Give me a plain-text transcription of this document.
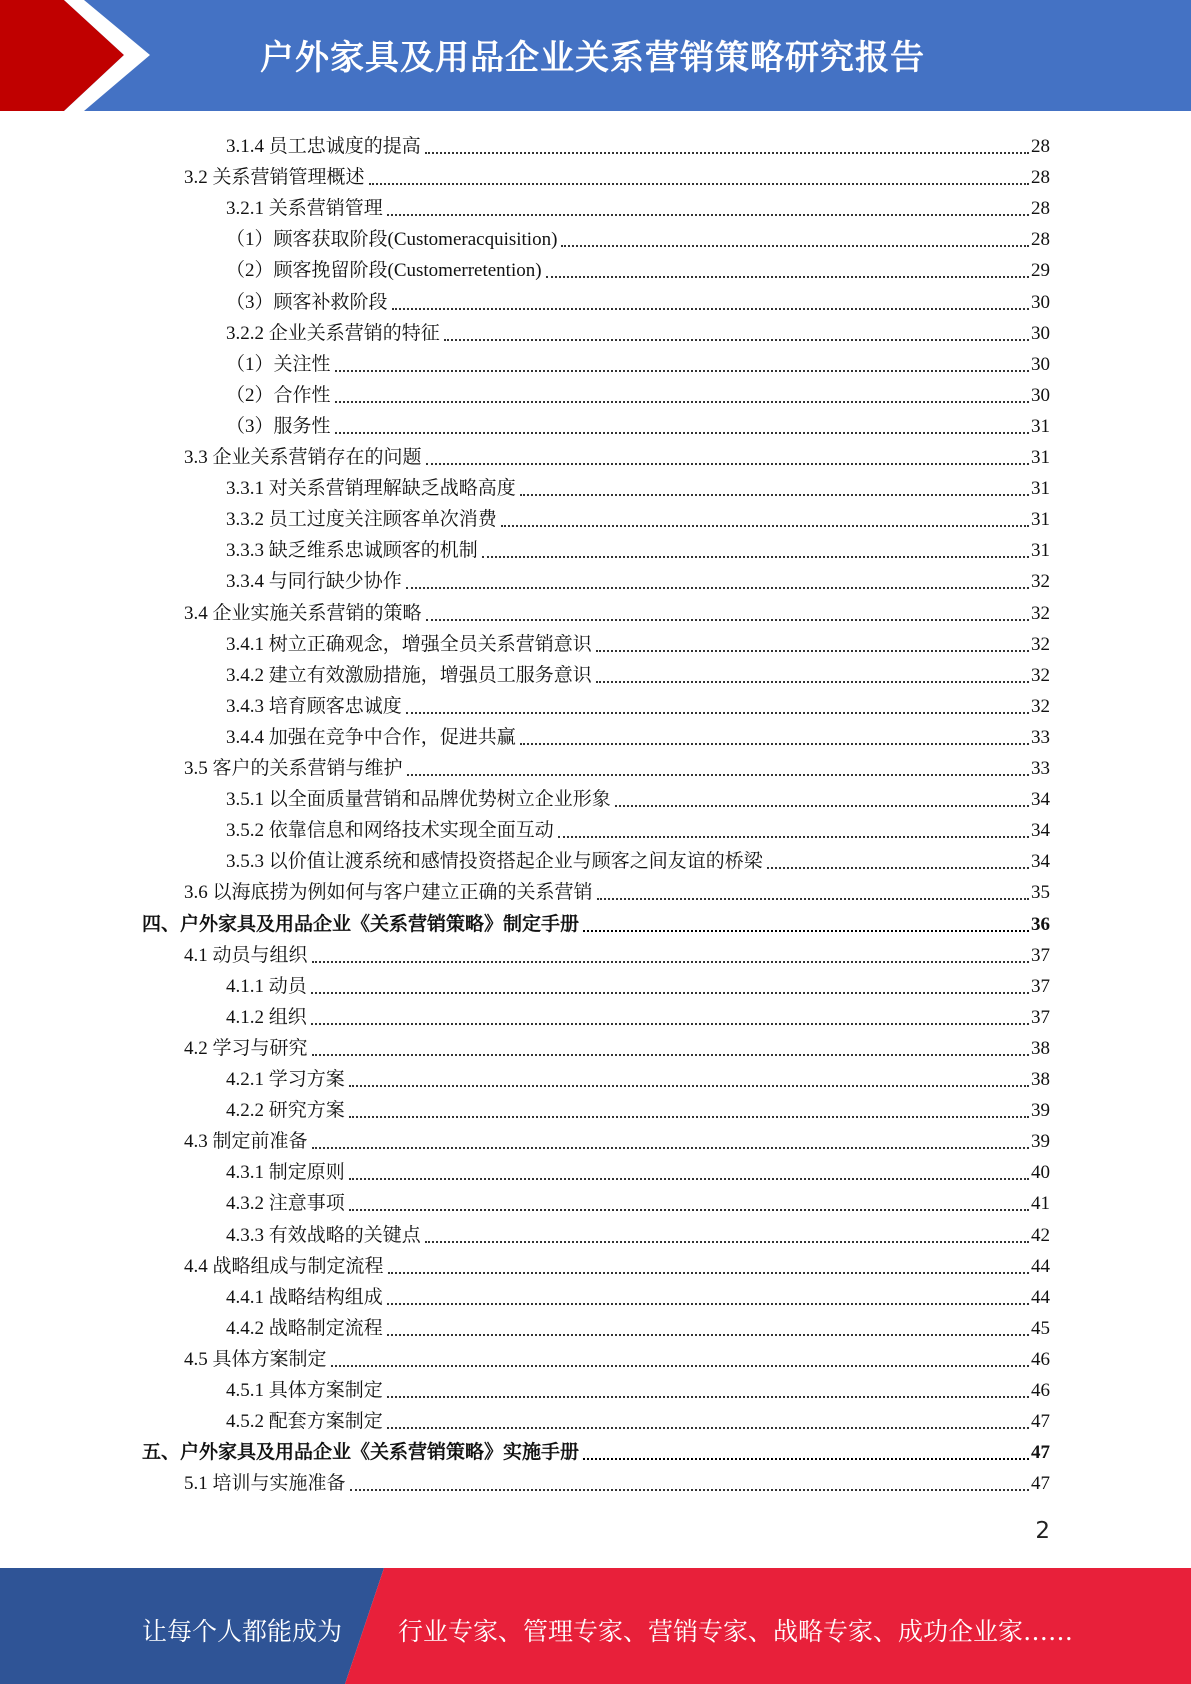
户外家具及用品企业关系营销策略研究报告
3.1.4 员工忠诚度的提高	28
3.2 关系营销管理概述	28
3.2.1 关系营销管理	28
（1）顾客获取阶段(Customeracquisition)	28
（2）顾客挽留阶段(Customerretention)	29
（3）顾客补救阶段	30
3.2.2 企业关系营销的特征	30
（1）关注性	30
（2）合作性	30
（3）服务性	31
3.3 企业关系营销存在的问题	31
3.3.1 对关系营销理解缺乏战略高度	31
3.3.2 员工过度关注顾客单次消费	31
3.3.3 缺乏维系忠诚顾客的机制	31
3.3.4 与同行缺少协作	32
3.4 企业实施关系营销的策略	32
3.4.1 树立正确观念，增强全员关系营销意识	32
3.4.2 建立有效激励措施，增强员工服务意识	32
3.4.3 培育顾客忠诚度	32
3.4.4 加强在竞争中合作，促进共赢	33
3.5 客户的关系营销与维护	33
3.5.1 以全面质量营销和品牌优势树立企业形象	34
3.5.2 依靠信息和网络技术实现全面互动	34
3.5.3 以价值让渡系统和感情投资搭起企业与顾客之间友谊的桥梁	34
3.6 以海底捞为例如何与客户建立正确的关系营销	35
四、户外家具及用品企业《关系营销策略》制定手册	36
4.1 动员与组织	37
4.1.1 动员	37
4.1.2 组织	37
4.2 学习与研究	38
4.2.1 学习方案	38
4.2.2 研究方案	39
4.3 制定前准备	39
4.3.1 制定原则	40
4.3.2 注意事项	41
4.3.3 有效战略的关键点	42
4.4 战略组成与制定流程	44
4.4.1 战略结构组成	44
4.4.2 战略制定流程	45
4.5 具体方案制定	46
4.5.1 具体方案制定	46
4.5.2 配套方案制定	47
五、户外家具及用品企业《关系营销策略》实施手册	47
5.1 培训与实施准备	47
2
让每个人都能成为 行业专家、管理专家、营销专家、战略专家、成功企业家……
